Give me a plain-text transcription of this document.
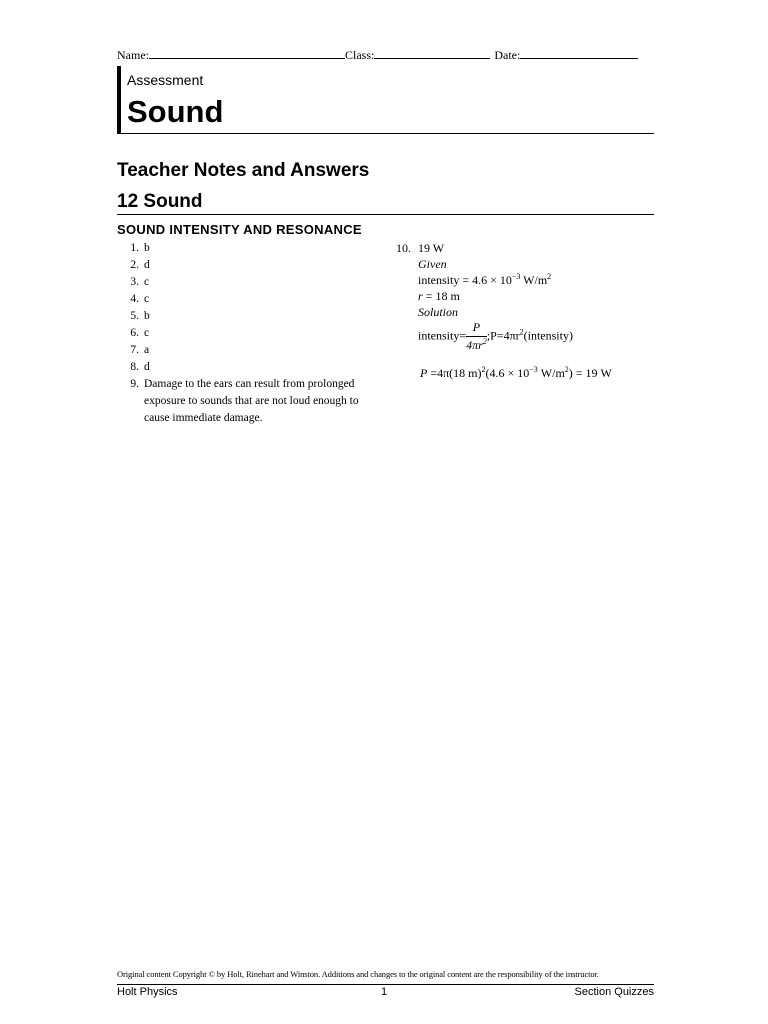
Name:	Class:	Date:
Assessment
Sound
Teacher Notes and Answers
12 Sound
SOUND INTENSITY AND RESONANCE
1. b
2. d
3. c
4. c
5. b
6. c
7. a
8. d
9. Damage to the ears can result from prolonged exposure to sounds that are not loud enough to cause immediate damage.
10. 19 W
Given
intensity = $4.6 \times 10^{-3}$ $W/m^2$
r = 18 m
Solution
intensity= $\frac{P}{4\pi r^2}$ $;P=4\pi r^2(intensity)$
P =4π(18 $m)^2(4.6 \times 10^{-3}$ $W/m^2) = 19$ W
Original content Copyright © by Holt, Rinehart and Winston. Additions and changes to the original content are the responsibility of the instructor.
Holt Physics	1	Section Quizzes
